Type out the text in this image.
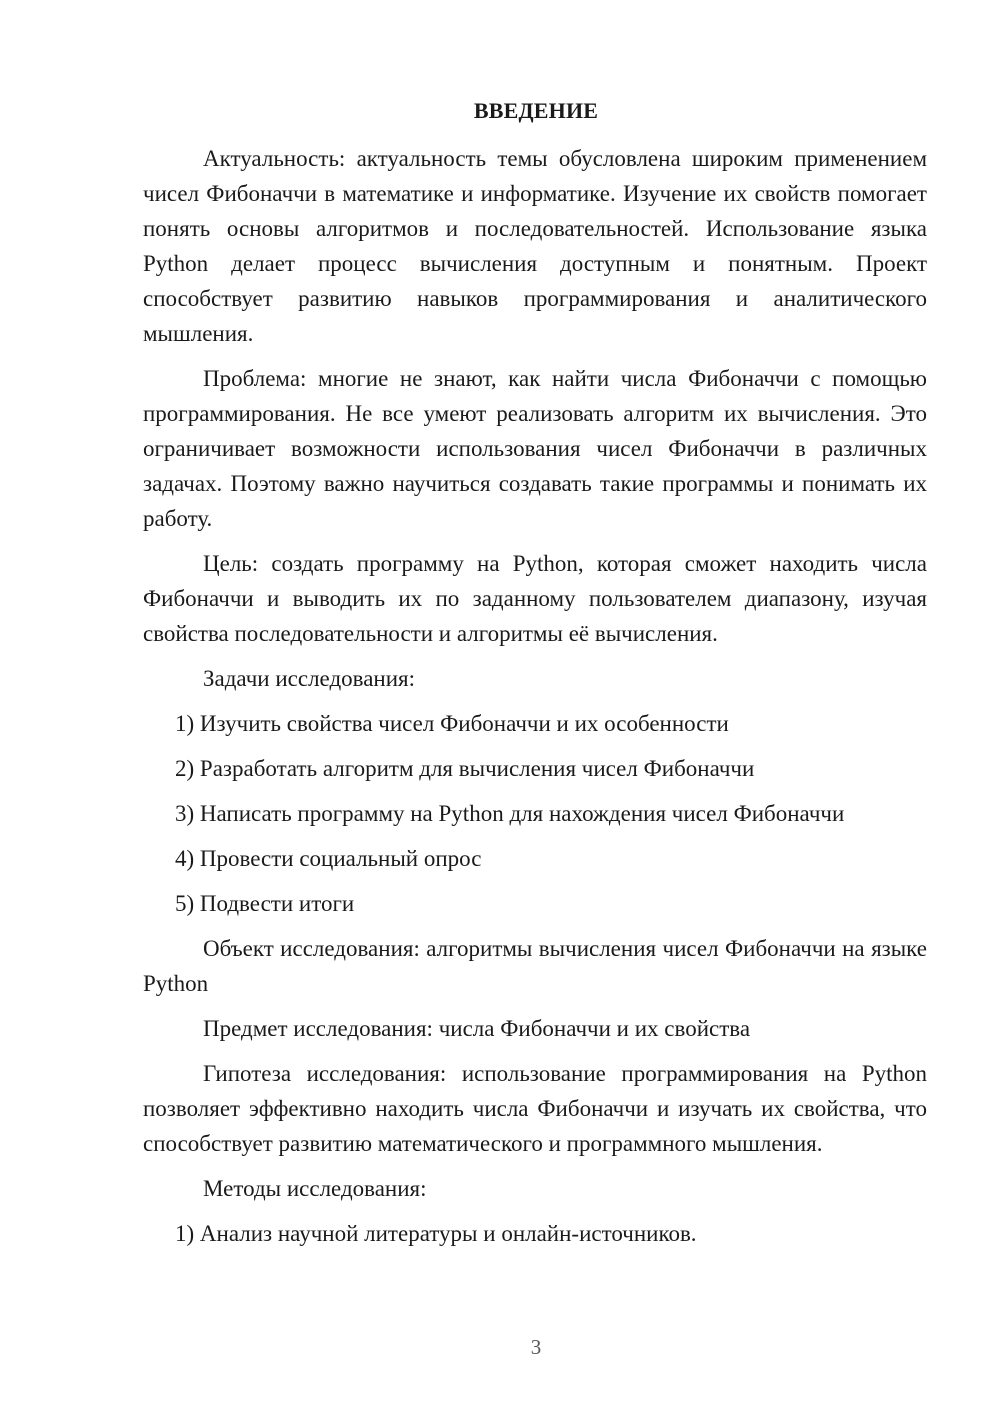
ВВЕДЕНИЕ

Актуальность: актуальность темы обусловлена широким применением чисел Фибоначчи в математике и информатике. Изучение их свойств помогает понять основы алгоритмов и последовательностей. Использование языка Python делает процесс вычисления доступным и понятным. Проект способствует развитию навыков программирования и аналитического мышления.

Проблема: многие не знают, как найти числа Фибоначчи с помощью программирования. Не все умеют реализовать алгоритм их вычисления. Это ограничивает возможности использования чисел Фибоначчи в различных задачах. Поэтому важно научиться создавать такие программы и понимать их работу.

Цель: создать программу на Python, которая сможет находить числа Фибоначчи и выводить их по заданному пользователем диапазону, изучая свойства последовательности и алгоритмы её вычисления.

Задачи исследования:

1) Изучить свойства чисел Фибоначчи и их особенности

2) Разработать алгоритм для вычисления чисел Фибоначчи

3) Написать программу на Python для нахождения чисел Фибоначчи

4) Провести социальный опрос

5) Подвести итоги

Объект исследования: алгоритмы вычисления чисел Фибоначчи на языке Python

Предмет исследования: числа Фибоначчи и их свойства

Гипотеза исследования: использование программирования на Python позволяет эффективно находить числа Фибоначчи и изучать их свойства, что способствует развитию математического и программного мышления.

Методы исследования:

1) Анализ научной литературы и онлайн-источников.

3
